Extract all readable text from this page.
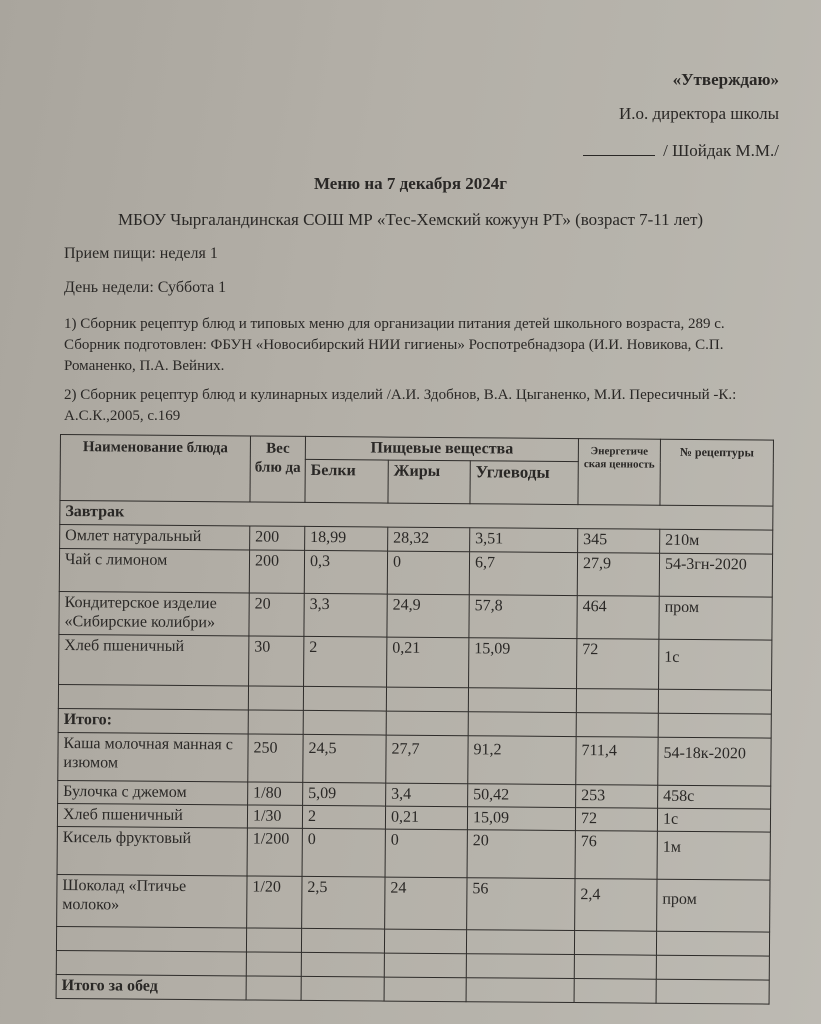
«Утверждаю»
И.о. директора школы
/ Шойдак М.М./
Меню на 7 декабря 2024г
МБОУ Чыргаландинская СОШ МР «Тес-Хемский кожуун РТ» (возраст 7-11 лет)
Прием пищи: неделя 1
День недели: Суббота 1
1) Сборник рецептур блюд и типовых меню для организации питания детей школьного возраста, 289 с. Сборник подготовлен: ФБУН «Новосибирский НИИ гигиены» Роспотребнадзора (И.И. Новикова, С.П. Романенко, П.А. Вейних.
2) Сборник рецептур блюд и кулинарных изделий /А.И. Здобнов, В.А. Цыганенко, М.И. Пересичный -К.: А.С.К.,2005, с.169
Наименование блюда	Вес блю да	Пищевые вещества			Энергетиче ская ценность	№ рецептуры
		Белки	Жиры	Углеводы		
Завтрак						
Омлет натуральный	200	18,99	28,32	3,51	345	210м
Чай с лимоном	200	0,3	0	6,7	27,9	54-3гн-2020
Кондитерское изделие «Сибирские колибри»	20	3,3	24,9	57,8	464	пром
Хлеб пшеничный	30	2	0,21	15,09	72	1с

Итого:						
Каша молочная манная с изюмом	250	24,5	27,7	91,2	711,4	54-18к-2020
Булочка с джемом	1/80	5,09	3,4	50,42	253	458с
Хлеб пшеничный	1/30	2	0,21	15,09	72	1с
Кисель фруктовый	1/200	0	0	20	76	1м
Шоколад «Птичье молоко»	1/20	2,5	24	56	2,4	пром

Итого за обед						
